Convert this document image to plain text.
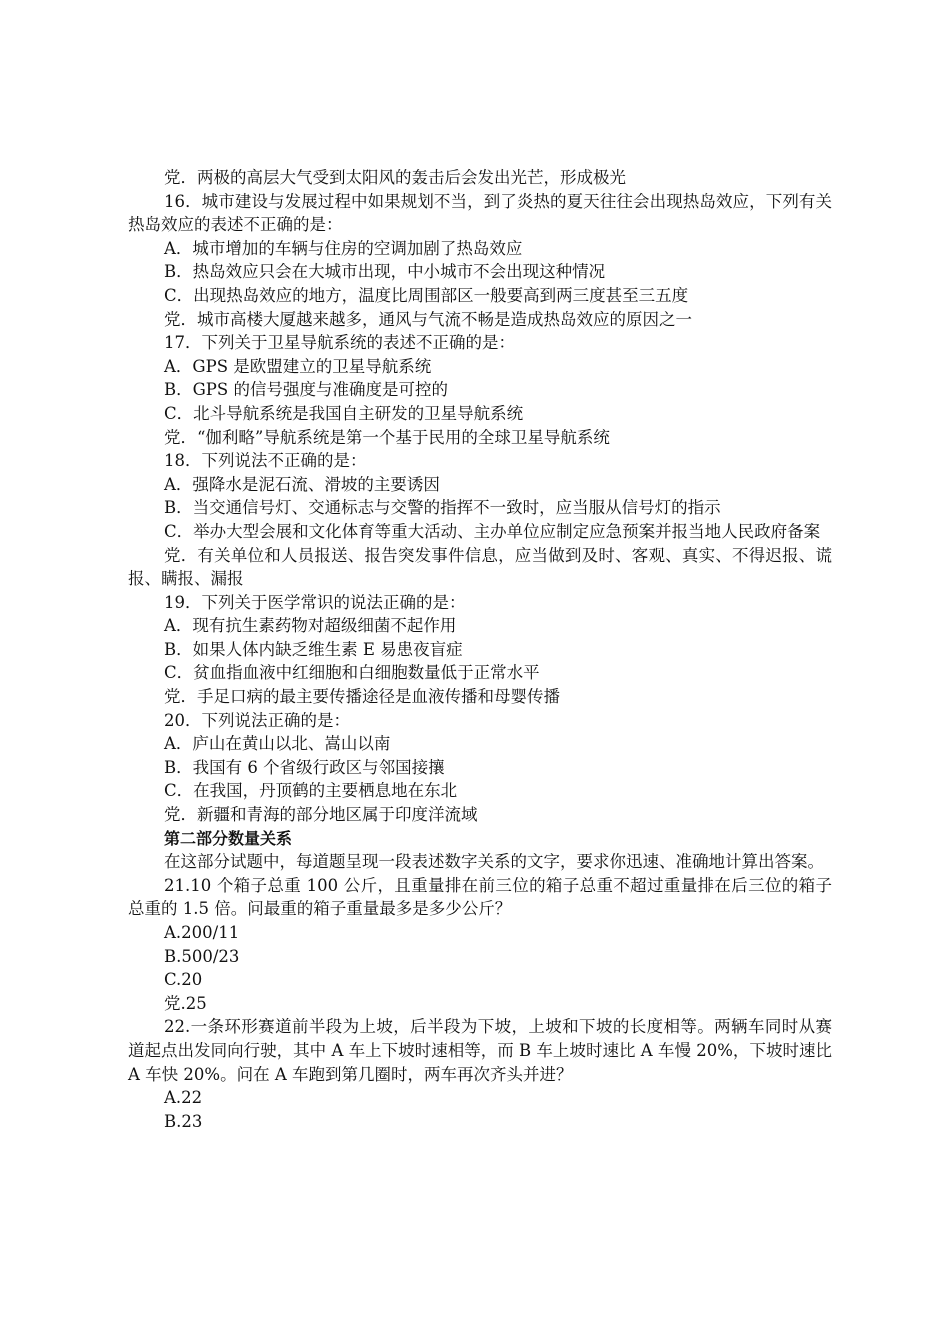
党．两极的高层大气受到太阳风的轰击后会发出光芒，形成极光

16．城市建设与发展过程中如果规划不当，到了炎热的夏天往往会出现热岛效应，下列有关热岛效应的表述不正确的是：

A．城市增加的车辆与住房的空调加剧了热岛效应

B．热岛效应只会在大城市出现，中小城市不会出现这种情况

C．出现热岛效应的地方，温度比周围部区一般要高到两三度甚至三五度

党．城市高楼大厦越来越多，通风与气流不畅是造成热岛效应的原因之一

17．下列关于卫星导航系统的表述不正确的是：

A．GPS 是欧盟建立的卫星导航系统

B．GPS 的信号强度与准确度是可控的

C．北斗导航系统是我国自主研发的卫星导航系统

党．“伽利略”导航系统是第一个基于民用的全球卫星导航系统

18．下列说法不正确的是：

A．强降水是泥石流、滑坡的主要诱因

B．当交通信号灯、交通标志与交警的指挥不一致时，应当服从信号灯的指示

C．举办大型会展和文化体育等重大活动、主办单位应制定应急预案并报当地人民政府备案

党．有关单位和人员报送、报告突发事件信息，应当做到及时、客观、真实、不得迟报、谎报、瞒报、漏报

19．下列关于医学常识的说法正确的是：

A．现有抗生素药物对超级细菌不起作用

B．如果人体内缺乏维生素 E 易患夜盲症

C．贫血指血液中红细胞和白细胞数量低于正常水平

党．手足口病的最主要传播途径是血液传播和母婴传播

20．下列说法正确的是：

A．庐山在黄山以北、嵩山以南

B．我国有 6 个省级行政区与邻国接攘

C．在我国，丹顶鹤的主要栖息地在东北

党．新疆和青海的部分地区属于印度洋流域

第二部分数量关系

在这部分试题中，每道题呈现一段表述数字关系的文字，要求你迅速、准确地计算出答案。

21.10 个箱子总重 100 公斤，且重量排在前三位的箱子总重不超过重量排在后三位的箱子总重的 1.5 倍。问最重的箱子重量最多是多少公斤？

A.200/11

B.500/23

C.20

党.25

22.一条环形赛道前半段为上坡，后半段为下坡，上坡和下坡的长度相等。两辆车同时从赛道起点出发同向行驶，其中 A 车上下坡时速相等，而 B 车上坡时速比 A 车慢 20%，下坡时速比 A 车快 20%。问在 A 车跑到第几圈时，两车再次齐头并进？

A.22

B.23
